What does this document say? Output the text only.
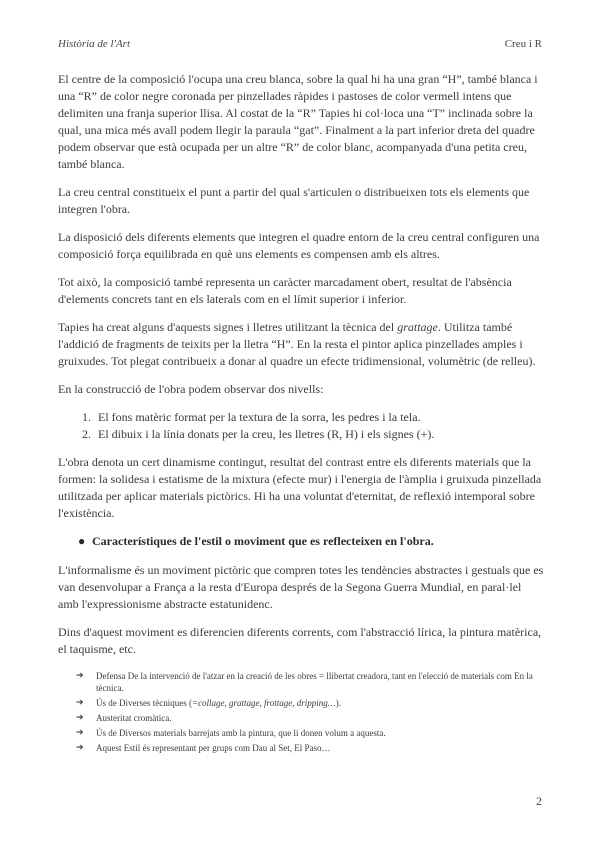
Història de l'Art	Creu i R

El centre de la composició l'ocupa una creu blanca, sobre la qual hi ha una gran “H”, també blanca i una “R” de color negre coronada per pinzellades ràpides i pastoses de color vermell intens que delimiten una franja superior llisa. Al costat de la “R” Tapies hi col·loca una “T” inclinada sobre la qual, una mica més avall podem llegir la paraula “gat”. Finalment a la part inferior dreta del quadre podem observar que està ocupada per un altre “R” de color blanc, acompanyada d'una petita creu, també blanca.

La creu central constitueix el punt a partir del qual s'articulen o distribueixen tots els elements que integren l'obra.

La disposició dels diferents elements que integren el quadre entorn de la creu central configuren una composició força equilibrada en què uns elements es compensen amb els altres.

Tot això, la composició també representa un caràcter marcadament obert, resultat de l'absència d'elements concrets tant en els laterals com en el límit superior i inferior.

Tapies ha creat alguns d'aquests signes i lletres utilitzant la tècnica del grattage. Utilitza també l'addició de fragments de teixits per la lletra “H”. En la resta el pintor aplica pinzellades amples i gruixudes. Tot plegat contribueix a donar al quadre un efecte tridimensional, volumètric (de relleu).

En la construcció de l'obra podem observar dos nivells:

1. El fons matèric format per la textura de la sorra, les pedres i la tela.
2. El dibuix i la línia donats per la creu, les lletres (R, H) i els signes (+).

L'obra denota un cert dinamisme contingut, resultat del contrast entre els diferents materials que la formen: la solidesa i estatisme de la mixtura (efecte mur) i l'energia de l'àmplia i gruixuda pinzellada utilitzada per aplicar materials pictòrics. Hi ha una voluntat d'eternitat, de reflexió intemporal sobre l'existència.

● Característiques de l'estil o moviment que es reflecteixen en l'obra.

L'informalisme és un moviment pictòric que compren totes les tendències abstractes i gestuals que es van desenvolupar a França a la resta d'Europa després de la Segona Guerra Mundial, en paral·lel amb l'expressionisme abstracte estatunidenc.

Dins d'aquest moviment es diferencien diferents corrents, com l'abstracció lírica, la pintura matèrica, el taquisme, etc.

➔ Defensa De la intervenció de l'atzar en la creació de les obres = llibertat creadora, tant en l'elecció de materials com En la tècnica.
➔ Ús de Diverses tècniques (=collage, grattage, frottage, dripping…).
➔ Austeritat cromàtica.
➔ Ús de Diversos materials barrejats amb la pintura, que li donen volum a aquesta.
➔ Aquest Estil és representant per grups com Dau al Set, El Paso…
2
